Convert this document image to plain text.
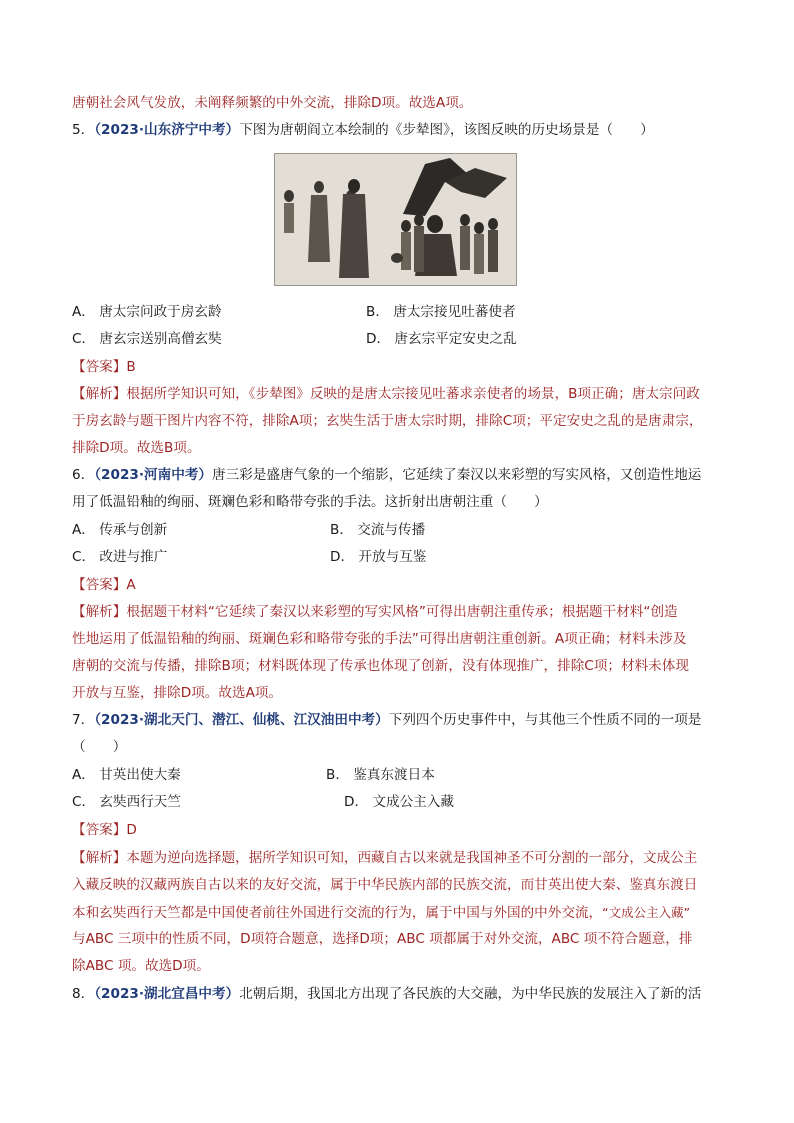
唐朝社会风气发放，未阐释频繁的中外交流，排除D项。故选A项。
5．（2023·山东济宁中考）下图为唐朝阎立本绘制的《步辇图》，该图反映的历史场景是（　　）
A． 唐太宗问政于房玄龄	B． 唐太宗接见吐蕃使者
C． 唐玄宗送别高僧玄奘	D． 唐玄宗平定安史之乱
【答案】B
【解析】根据所学知识可知，《步辇图》反映的是唐太宗接见吐蕃求亲使者的场景，B项正确；唐太宗问政
于房玄龄与题干图片内容不符，排除A项；玄奘生活于唐太宗时期，排除C项；平定安史之乱的是唐肃宗，
排除D项。故选B项。
6．（2023·河南中考）唐三彩是盛唐气象的一个缩影，它延续了秦汉以来彩塑的写实风格，又创造性地运
用了低温铅釉的绚丽、斑斓色彩和略带夸张的手法。这折射出唐朝注重（　　）
A． 传承与创新	B． 交流与传播
C． 改进与推广	D． 开放与互鉴
【答案】A
【解析】根据题干材料“它延续了秦汉以来彩塑的写实风格”可得出唐朝注重传承；根据题干材料“创造
性地运用了低温铅釉的绚丽、斑斓色彩和略带夸张的手法”可得出唐朝注重创新。A项正确；材料未涉及
唐朝的交流与传播，排除B项；材料既体现了传承也体现了创新，没有体现推广，排除C项；材料未体现
开放与互鉴，排除D项。故选A项。
7．（2023·湖北天门、潜江、仙桃、江汉油田中考）下列四个历史事件中，与其他三个性质不同的一项是
（　　）
A． 甘英出使大秦	B． 鉴真东渡日本
C． 玄奘西行天竺	D． 文成公主入藏
【答案】D
【解析】本题为逆向选择题，据所学知识可知，西藏自古以来就是我国神圣不可分割的一部分，文成公主
入藏反映的汉藏两族自古以来的友好交流，属于中华民族内部的民族交流，而甘英出使大秦、鉴真东渡日
本和玄奘西行天竺都是中国使者前往外国进行交流的行为，属于中国与外国的中外交流，“文成公主入藏”
与ABC 三项中的性质不同，D项符合题意，选择D项；ABC 项都属于对外交流，ABC 项不符合题意，排
除ABC 项。故选D项。
8．（2023·湖北宜昌中考）北朝后期，我国北方出现了各民族的大交融，为中华民族的发展注入了新的活
